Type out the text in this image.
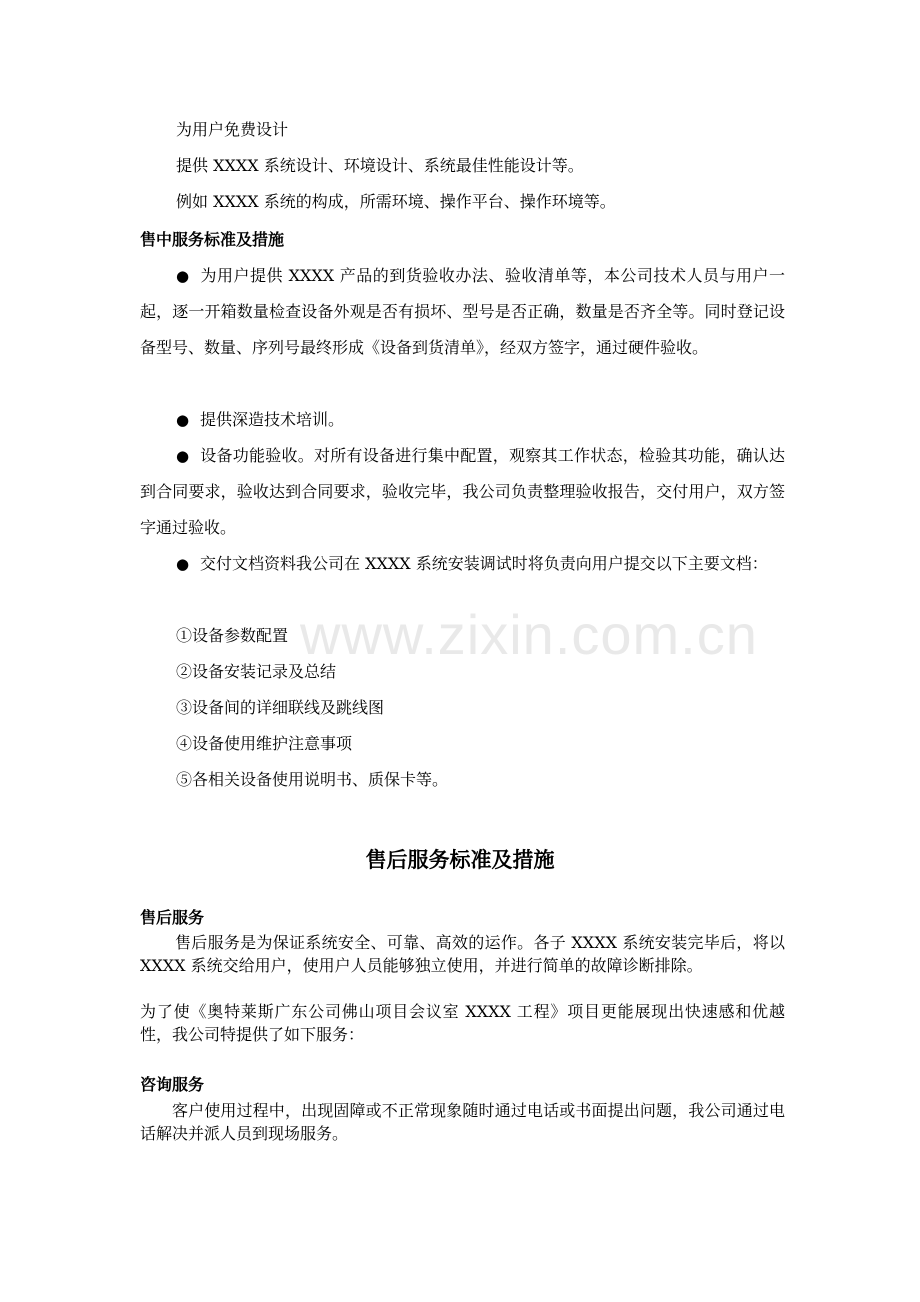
www.zixin.com.cn
为用户免费设计
提供 XXXX 系统设计、环境设计、系统最佳性能设计等。
例如 XXXX 系统的构成，所需环境、操作平台、操作环境等。
售中服务标准及措施

● 为用户提供 XXXX 产品的到货验收办法、验收清单等，本公司技术人员与用户一起，逐一开箱数量检查设备外观是否有损坏、型号是否正确，数量是否齐全等。同时登记设备型号、数量、序列号最终形成《设备到货清单》，经双方签字，通过硬件验收。

● 提供深造技术培训。

● 设备功能验收。对所有设备进行集中配置，观察其工作状态，检验其功能，确认达到合同要求，验收达到合同要求，验收完毕，我公司负责整理验收报告，交付用户，双方签字通过验收。

● 交付文档资料我公司在 XXXX 系统安装调试时将负责向用户提交以下主要文档：

①设备参数配置
②设备安装记录及总结
③设备间的详细联线及跳线图
④设备使用维护注意事项
⑤各相关设备使用说明书、质保卡等。
售后服务标准及措施
售后服务

售后服务是为保证系统安全、可靠、高效的运作。各子 XXXX 系统安装完毕后，将以 XXXX 系统交给用户，使用户人员能够独立使用，并进行简单的故障诊断排除。

为了使《奥特莱斯广东公司佛山项目会议室 XXXX 工程》项目更能展现出快速感和优越性，我公司特提供了如下服务：

咨询服务

客户使用过程中，出现固障或不正常现象随时通过电话或书面提出问题，我公司通过电话解决并派人员到现场服务。
